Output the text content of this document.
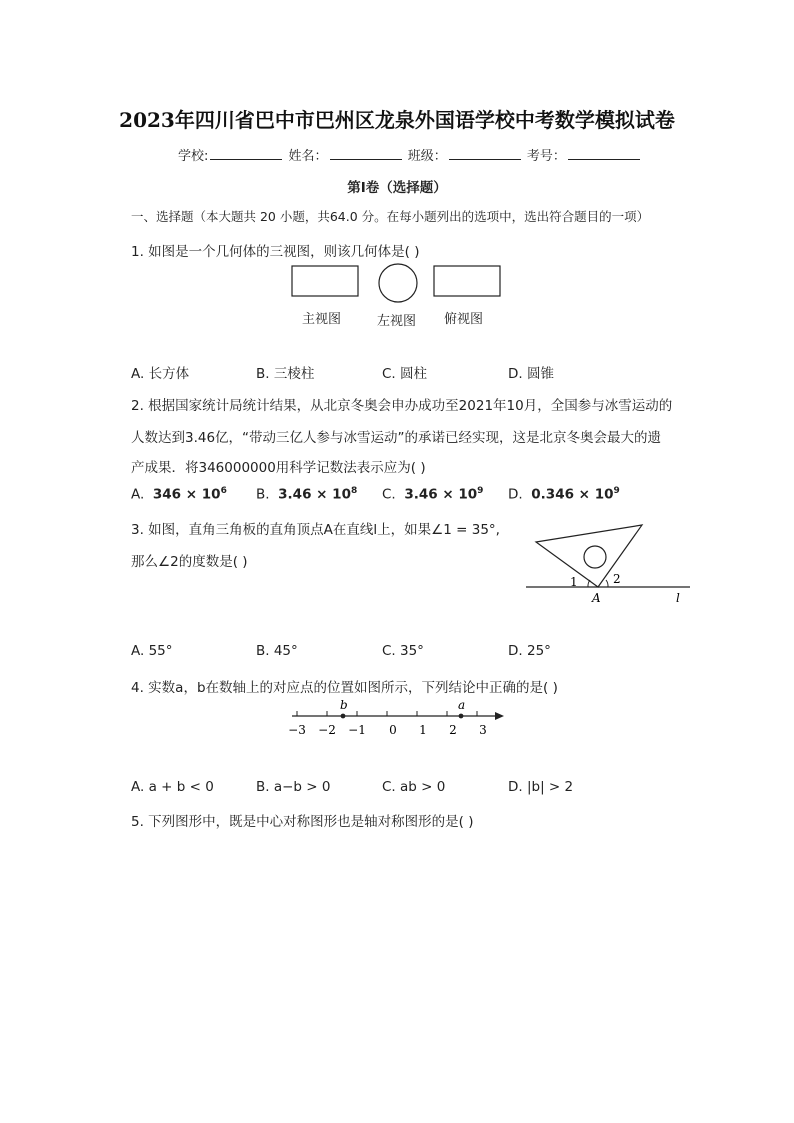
2023年四川省巴中市巴州区龙泉外国语学校中考数学模拟试卷
学校:	姓名：	班级：	考号：
第Ⅰ卷（选择题）
一、选择题（本大题共 20 小题，共64.0 分。在每小题列出的选项中，选出符合题目的一项）
1. 如图是一个几何体的三视图，则该几何体是( )
主视图	左视图 俯视图
A. 长方体	B. 三棱柱	C. 圆柱	D. 圆锥
2. 根据国家统计局统计结果，从北京冬奥会申办成功至2021年10月，全国参与冰雪运动的
人数达到3.46亿，“带动三亿人参与冰雪运动”的承诺已经实现，这是北京冬奥会最大的遗
产成果．将346000000用科学记数法表示应为( )
A. $346 \times 10^6$ B. $3.46 \times 10^8$ C. $3.46 \times 10^9$ D. $0.346 \times 10^9$
3. 如图，直角三角板的直角顶点A在直线l上，如果∠1 = 35°,
那么∠2的度数是( )
1	2
A	l
A. 55°	B. 45°	C. 35°	D. 25°
4. 实数a，b在数轴上的对应点的位置如图所示，下列结论中正确的是( )
b	a
−3 −2 −1 0 1 2 3
A. a + b < 0	B. a−b > 0	C. ab > 0	D. |b| > 2
5. 下列图形中，既是中心对称图形也是轴对称图形的是( )
